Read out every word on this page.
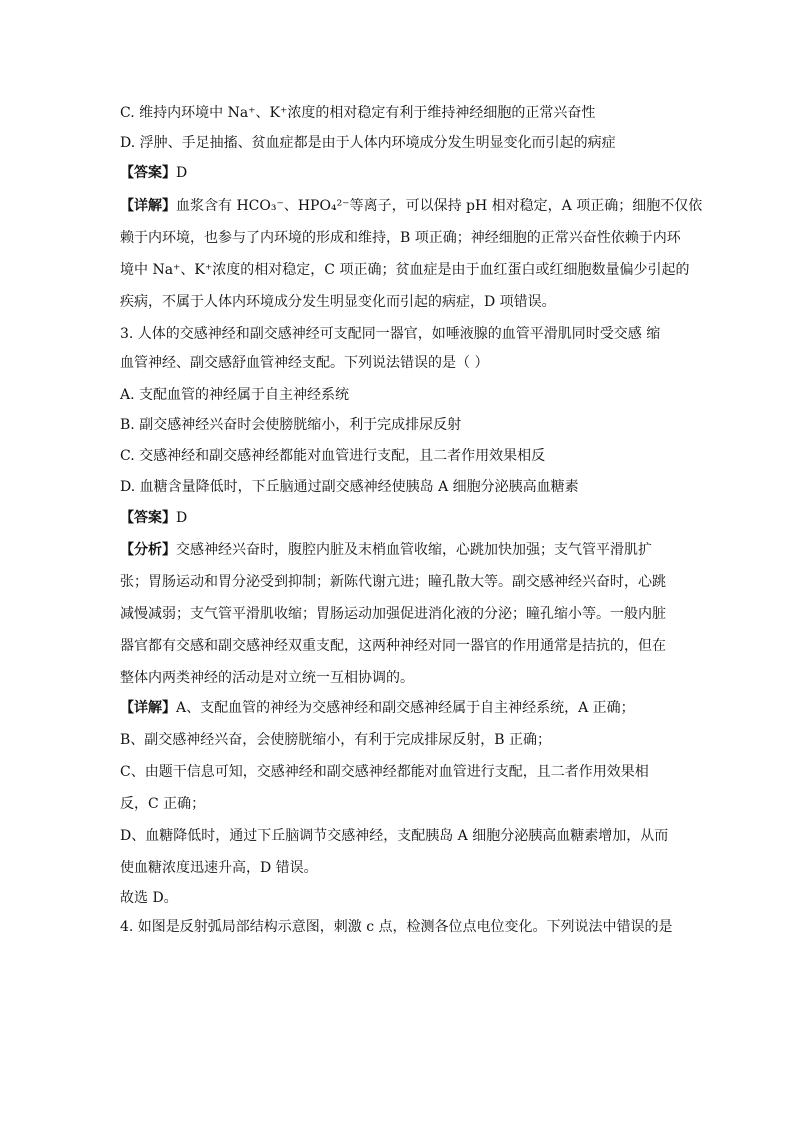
C. 维持内环境中 Na⁺、K⁺浓度的相对稳定有利于维持神经细胞的正常兴奋性
D. 浮肿、手足抽搐、贫血症都是由于人体内环境成分发生明显变化而引起的病症
【答案】D
【详解】血浆含有 HCO₃⁻、HPO₄²⁻等离子，可以保持 pH 相对稳定，A 项正确；细胞不仅依
赖于内环境，也参与了内环境的形成和维持，B 项正确；神经细胞的正常兴奋性依赖于内环
境中 Na⁺、K⁺浓度的相对稳定，C 项正确；贫血症是由于血红蛋白或红细胞数量偏少引起的
疾病，不属于人体内环境成分发生明显变化而引起的病症，D 项错误。
3. 人体的交感神经和副交感神经可支配同一器官，如唾液腺的血管平滑肌同时受交感 缩
血管神经、副交感舒血管神经支配。下列说法错误的是（ ）
A. 支配血管的神经属于自主神经系统
B. 副交感神经兴奋时会使膀胱缩小，利于完成排尿反射
C. 交感神经和副交感神经都能对血管进行支配，且二者作用效果相反
D. 血糖含量降低时，下丘脑通过副交感神经使胰岛 A 细胞分泌胰高血糖素
【答案】D
【分析】交感神经兴奋时，腹腔内脏及末梢血管收缩，心跳加快加强；支气管平滑肌扩
张；胃肠运动和胃分泌受到抑制；新陈代谢亢进；瞳孔散大等。副交感神经兴奋时，心跳
减慢减弱；支气管平滑肌收缩；胃肠运动加强促进消化液的分泌；瞳孔缩小等。一般内脏
器官都有交感和副交感神经双重支配，这两种神经对同一器官的作用通常是拮抗的，但在
整体内两类神经的活动是对立统一互相协调的。
【详解】A、支配血管的神经为交感神经和副交感神经属于自主神经系统，A 正确；
B、副交感神经兴奋，会使膀胱缩小，有利于完成排尿反射，B 正确；
C、由题干信息可知，交感神经和副交感神经都能对血管进行支配，且二者作用效果相
反，C 正确；
D、血糖降低时，通过下丘脑调节交感神经，支配胰岛 A 细胞分泌胰高血糖素增加，从而
使血糖浓度迅速升高，D 错误。
故选 D。
4. 如图是反射弧局部结构示意图，刺激 c 点，检测各位点电位变化。下列说法中错误的是
